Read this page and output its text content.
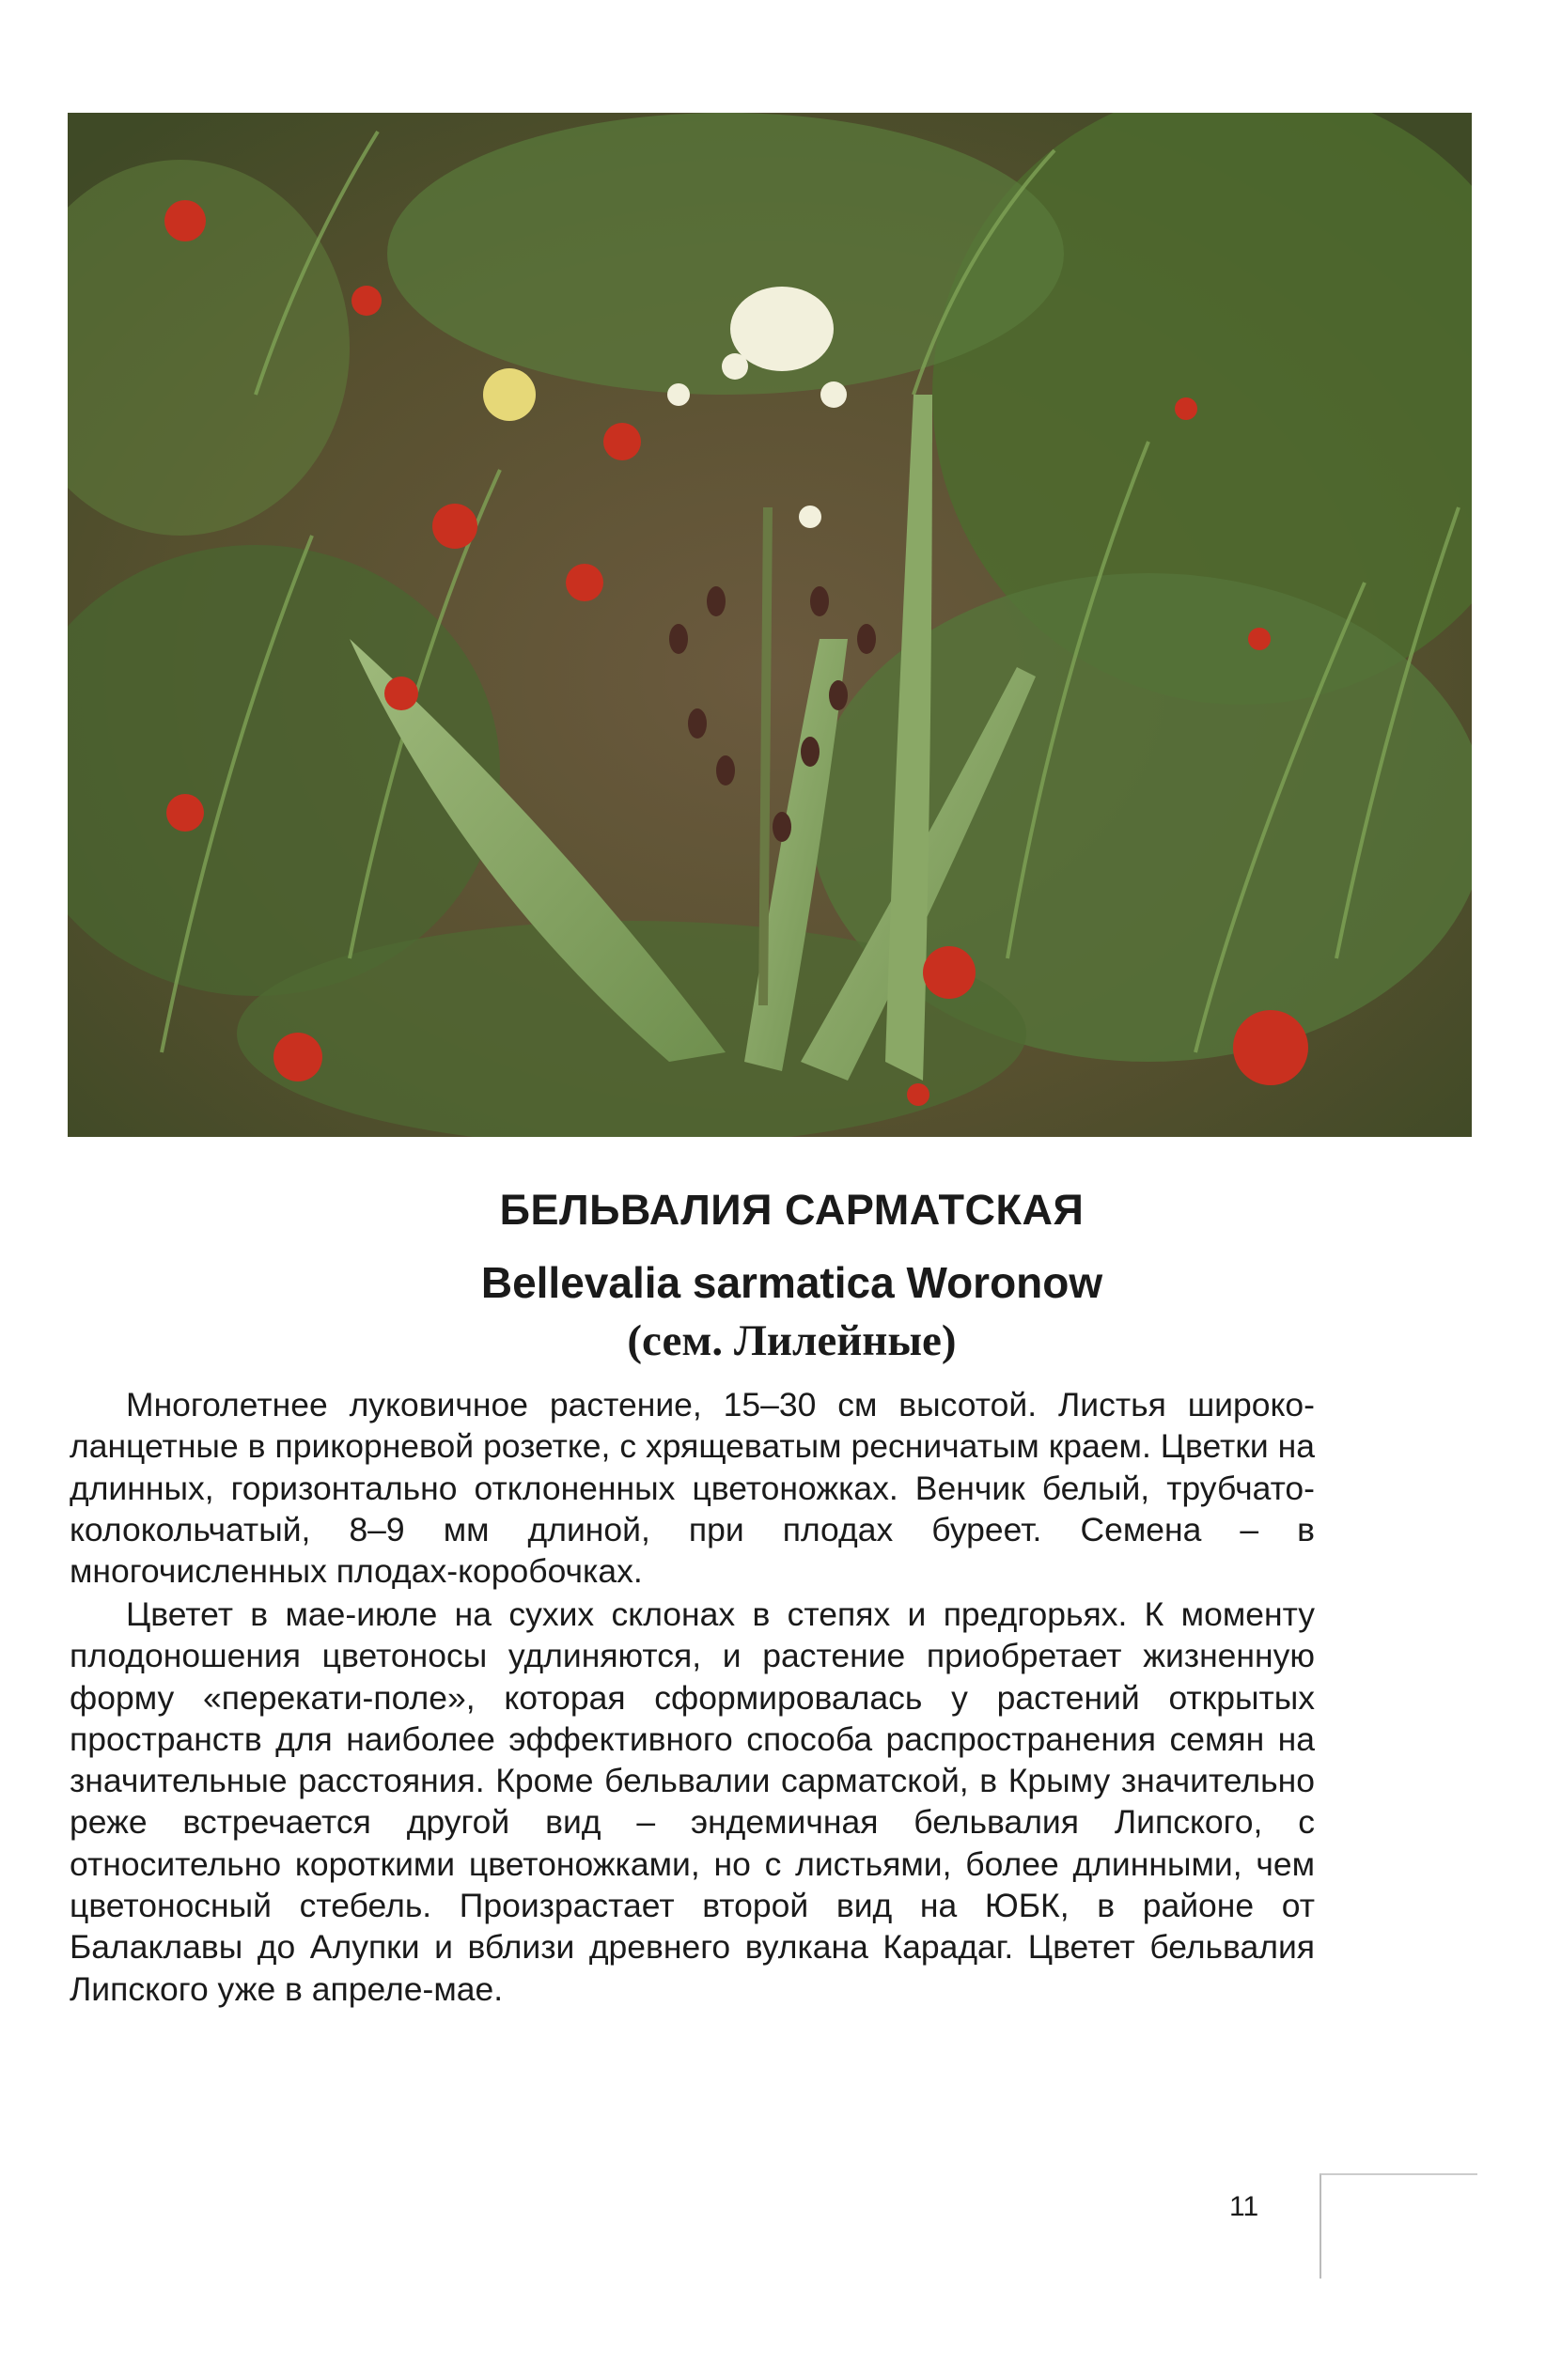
БЕЛЬВАЛИЯ САРМАТСКАЯ
Bellevalia sarmatica Woronow
(сем. Лилейные)

Многолетнее луковичное растение, 15–30 см высотой. Листья широко-ланцетные в прикорневой розетке, с хрящеватым ресничатым краем. Цветки на длинных, горизонтально отклоненных цветоножках. Венчик белый, трубчато-колокольчатый, 8–9 мм длиной, при плодах буреет. Семена – в многочисленных плодах-коробочках.

Цветет в мае-июле на сухих склонах в степях и предгорьях. К моменту плодоношения цветоносы удлиняются, и растение приобретает жизненную форму «перекати-поле», которая сформировалась у растений открытых пространств для наиболее эффективного способа распространения семян на значительные расстояния. Кроме бельвалии сарматской, в Крыму значительно реже встречается другой вид – эндемичная бельвалия Липского, с относительно короткими цветоножками, но с листьями, более длинными, чем цветоносный стебель. Произрастает второй вид на ЮБК, в районе от Балаклавы до Алупки и вблизи древнего вулкана Карадаг. Цветет бельвалия Липского уже в апреле-мае.

11
